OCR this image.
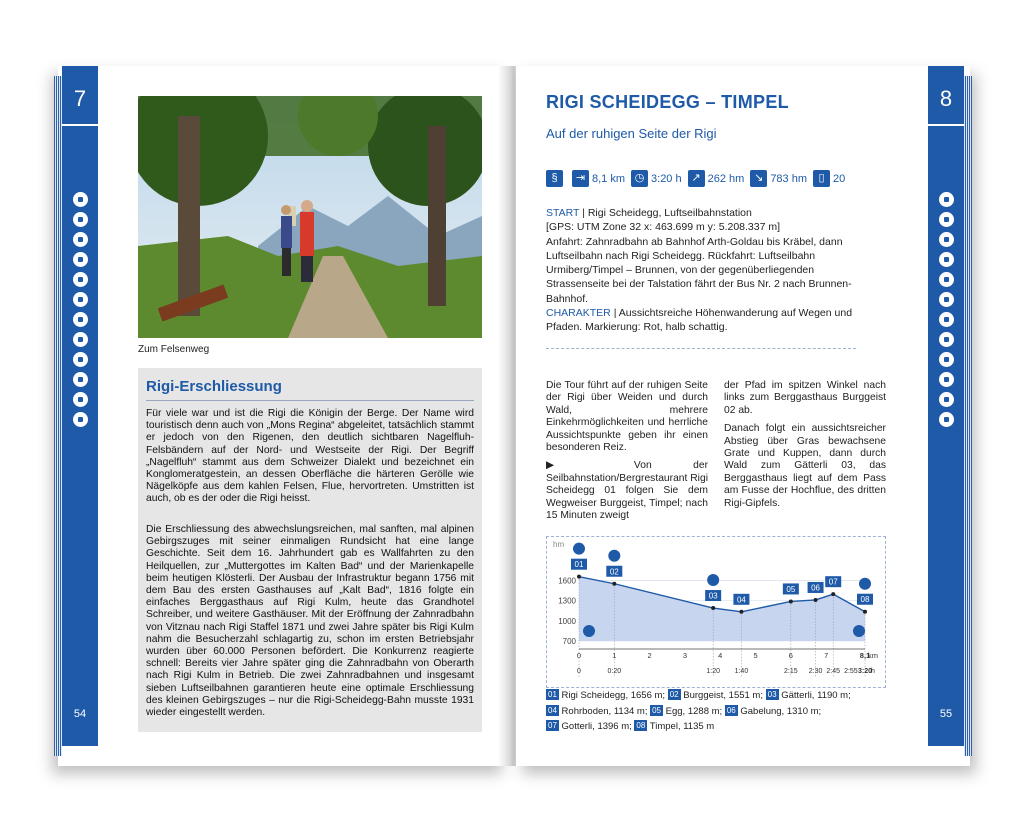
7
54
Zum Felsenweg
Rigi-Erschliessung

Für viele war und ist die Rigi die Königin der Berge. Der Name wird touristisch denn auch von „Mons Regina“ abgeleitet, tatsächlich stammt er jedoch von den Rigenen, den deutlich sichtbaren Nagelfluh-Felsbändern auf der Nord- und Westseite der Rigi. Der Begriff „Nagelfluh“ stammt aus dem Schweizer Dialekt und bezeichnet ein Konglomeratgestein, an dessen Oberfläche die härteren Gerölle wie Nägelköpfe aus dem kahlen Felsen, Flue, hervortreten. Umstritten ist auch, ob es der oder die Rigi heisst.

Die Erschliessung des abwechslungsreichen, mal sanften, mal alpinen Gebirgszuges mit seiner einmaligen Rundsicht hat eine lange Geschichte. Seit dem 16. Jahrhundert gab es Wallfahrten zu den Heilquellen, zur „Muttergottes im Kalten Bad“ und der Marienkapelle beim heutigen Klösterli. Der Ausbau der Infrastruktur begann 1756 mit dem Bau des ersten Gasthauses auf „Kalt Bad“, 1816 folgte ein einfaches Berggasthaus auf Rigi Kulm, heute das Grandhotel Schreiber, und weitere Gasthäuser. Mit der Eröffnung der Zahnradbahn von Vitznau nach Rigi Staffel 1871 und zwei Jahre später bis Rigi Kulm nahm die Besucherzahl schlagartig zu, schon im ersten Betriebsjahr wurden über 60.000 Personen befördert. Die Konkurrenz reagierte schnell: Bereits vier Jahre später ging die Zahnradbahn von Oberarth nach Rigi Kulm in Betrieb. Die zwei Zahnradbahnen und insgesamt sieben Luftseilbahnen garantieren heute eine optimale Erschliessung des kleinen Gebirgszuges – nur die Rigi-Scheidegg-Bahn musste 1931 wieder eingestellt werden.

8
55
RIGI SCHEIDEGG – TIMPEL
Auf der ruhigen Seite der Rigi
§	⇥ 8,1 km ◷ 3:20 h ↗ 262 hm ↘ 783 hm	▯ 20
START | Rigi Scheidegg, Luftseilbahnstation
[GPS: UTM Zone 32 x: 463.699 m y: 5.208.337 m]
Anfahrt: Zahnradbahn ab Bahnhof Arth-Goldau bis Kräbel, dann Luftseilbahn nach Rigi Scheidegg. Rückfahrt: Luftseilbahn Urmiberg/Timpel – Brunnen, von der gegenüberliegenden Strassenseite bei der Talstation fährt der Bus Nr. 2 nach Brunnen-Bahnhof.
CHARAKTER | Aussichtsreiche Höhenwanderung auf Wegen und Pfaden. Markierung: Rot, halb schattig.
Die Tour führt auf der ruhigen Seite der Rigi über Weiden und durch Wald, mehrere Einkehrmöglichkeiten und herrliche Aussichtspunkte geben ihr einen besonderen Reiz.
▶ Von der Seilbahnstation/Bergrestaurant Rigi Scheidegg 01 folgen Sie dem Wegweiser Burggeist, Timpel; nach 15 Minuten zweigt
der Pfad im spitzen Winkel nach links zum Berggasthaus Burggeist 02 ab.
Danach folgt ein aussichtsreicher Abstieg über Gras bewachsene Grate und Kuppen, dann durch Wald zum Gätterli 03, das Berggasthaus liegt auf dem Pass am Fusse der Hochflue, des dritten Rigi-Gipfels.
hm
1600
1300
1000
700
01
02
03 04
05 06
07
08
0	1	2	3	4	5	6	7	8,1
km
0	0:20	1:20 1:40	2:15 2:30 2:45 2:55 3:20 h
01 Rigi Scheidegg, 1656 m; 02 Burggeist, 1551 m; 03 Gätterli, 1190 m;
04 Rohrboden, 1134 m; 05 Egg, 1288 m; 06 Gabelung, 1310 m;
07 Gotterli, 1396 m; 08 Timpel, 1135 m
